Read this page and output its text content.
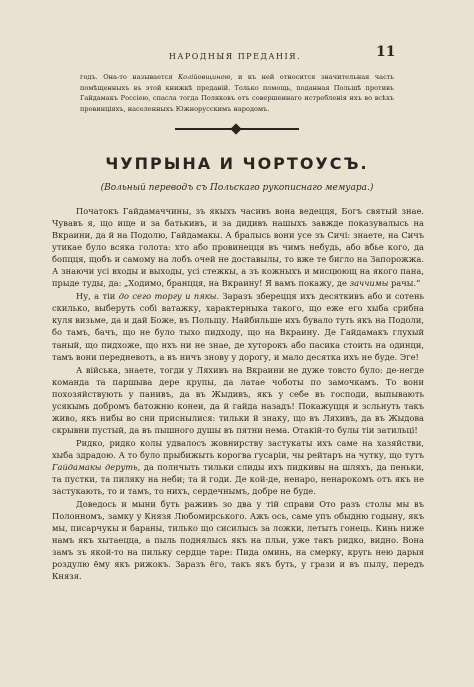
НАРОДНЫЯ ПРЕДАНІЯ.	11

годъ. Она-то называется Колійовщиною, и къ ней относится значительная часть помѣщенныхъ въ этой книжкѣ преданій. Только помощь, поданная Польшѣ противъ Гайдамакъ Россіею, спасла тогда Поляковъ отъ совершеннаго истребленія ихъ во всѣхъ провинціяхъ, населенныхъ Южнорусскимъ народомъ.

ЧУПРЫНА И ЧОРТОУСЪ.
(Вольный переводъ съ Польскаго рукописнаго мемуара.)

Початокъ Гайдамаччины, зъ якыхъ часивъ вона ведецця, Богъ святый знае. Чувавъ я, що ище и за батькивъ, и за дидивъ нашыхъ завжде показувалысь на Вкраини, да й на Подолю, Гайдамакы. А бралысь вони усе зъ Сичі: знаете, на Сичъ утикае було всяка голота: хто або провинецця въ чимъ небудь, або вбье кого, да бопцця, щобъ и самому на лобъ очей не доставылы, то вже те бигло на Запорожжа. А знаючи усі входы и выходы, усі стежкы, а зъ кожныхъ и мисцюющ на якого пана, прыде туды, да: „Ходимо, бранцця, на Вкраину! Я вамъ покажу, де заччимы рачы.“

Ну, а тіи до сего торгу и пякы. Заразъ зберецця ихъ десяткивъ або и сотень скилько, выберуть собі ватажку, характерныка такого, що еже его хыба срибна куля визьме, да и дай Боже, въ Польщу. Найбильше ихъ бувало туть якъ на Подоли, бо тамъ, бачъ, що не було тыхо пидходу, що на Вкраину. Де Гайдамакъ глухый таный, що пидхоже, що нхъ ни не знае, де хуторокъ або пасика стоить на одинци, тамъ вони передневоть, а въ ничъ знову у дорогу, и мало десятка ихъ не буде. Эге!

А війська, знаете, тогди у Ляхивъ на Вкраини не дуже товсто було: де-негде команда та паршыва дере крупы, да латае чоботы по замочкамъ. То вони похозяйствують у панивъ, да въ Жыдивъ, якъ у себе въ господи, выпывають усякымь добромъ батожню конеи, да й гайда назадъ! Покажуцця и зсльнуть такъ живо, якъ нибы во сни приснылися: тильки й знаку, що въ Ляхивъ, да въ Жыдова скрывни пустый, да въ пышного душы въ пятни нема. Отакій-то булы тіи затильці!

Ридко, ридко колы удвалосъ жовнирству застукаты ихъ саме на хазяйстви, хыба здрадою. А то було прыбижыть корогва гусаріи, чы рейтаръ на чутку, що тутъ Гайдамакы деруть, да полнчыть тильки слиды ихъ пидкивы на шляхъ, да пеньки, та пустки, та пиляку на неби; та й годи. Де кой-де, ненаро, ненарокомъ отъ якъ не застукають, то и тамъ, то нихъ, сердечнымъ, добре не буде.

Доведось и мыни буть раживъ зо два у тій справи Ото разъ столы мы въ Полонномъ, замку у Князя Любомирського. Ажъ ось, саме упъ обыдню годыну, якъ мы, писарчукы и бараны, тилько що сисилысь за ложки, летыть гонець. Кинь ниже намъ якъ хытаецца, а пыль поднялысь якъ на пльи, уже такъ ридко, видно. Вона замъ зъ якой-то на пильку сердце таре: Пида оминь, на смерку, кругь нею дарыя роздулю ёму якъ рижокъ. Заразъ ёго, такъ якъ буть, у грази и въ пылу, передъ Князя.
